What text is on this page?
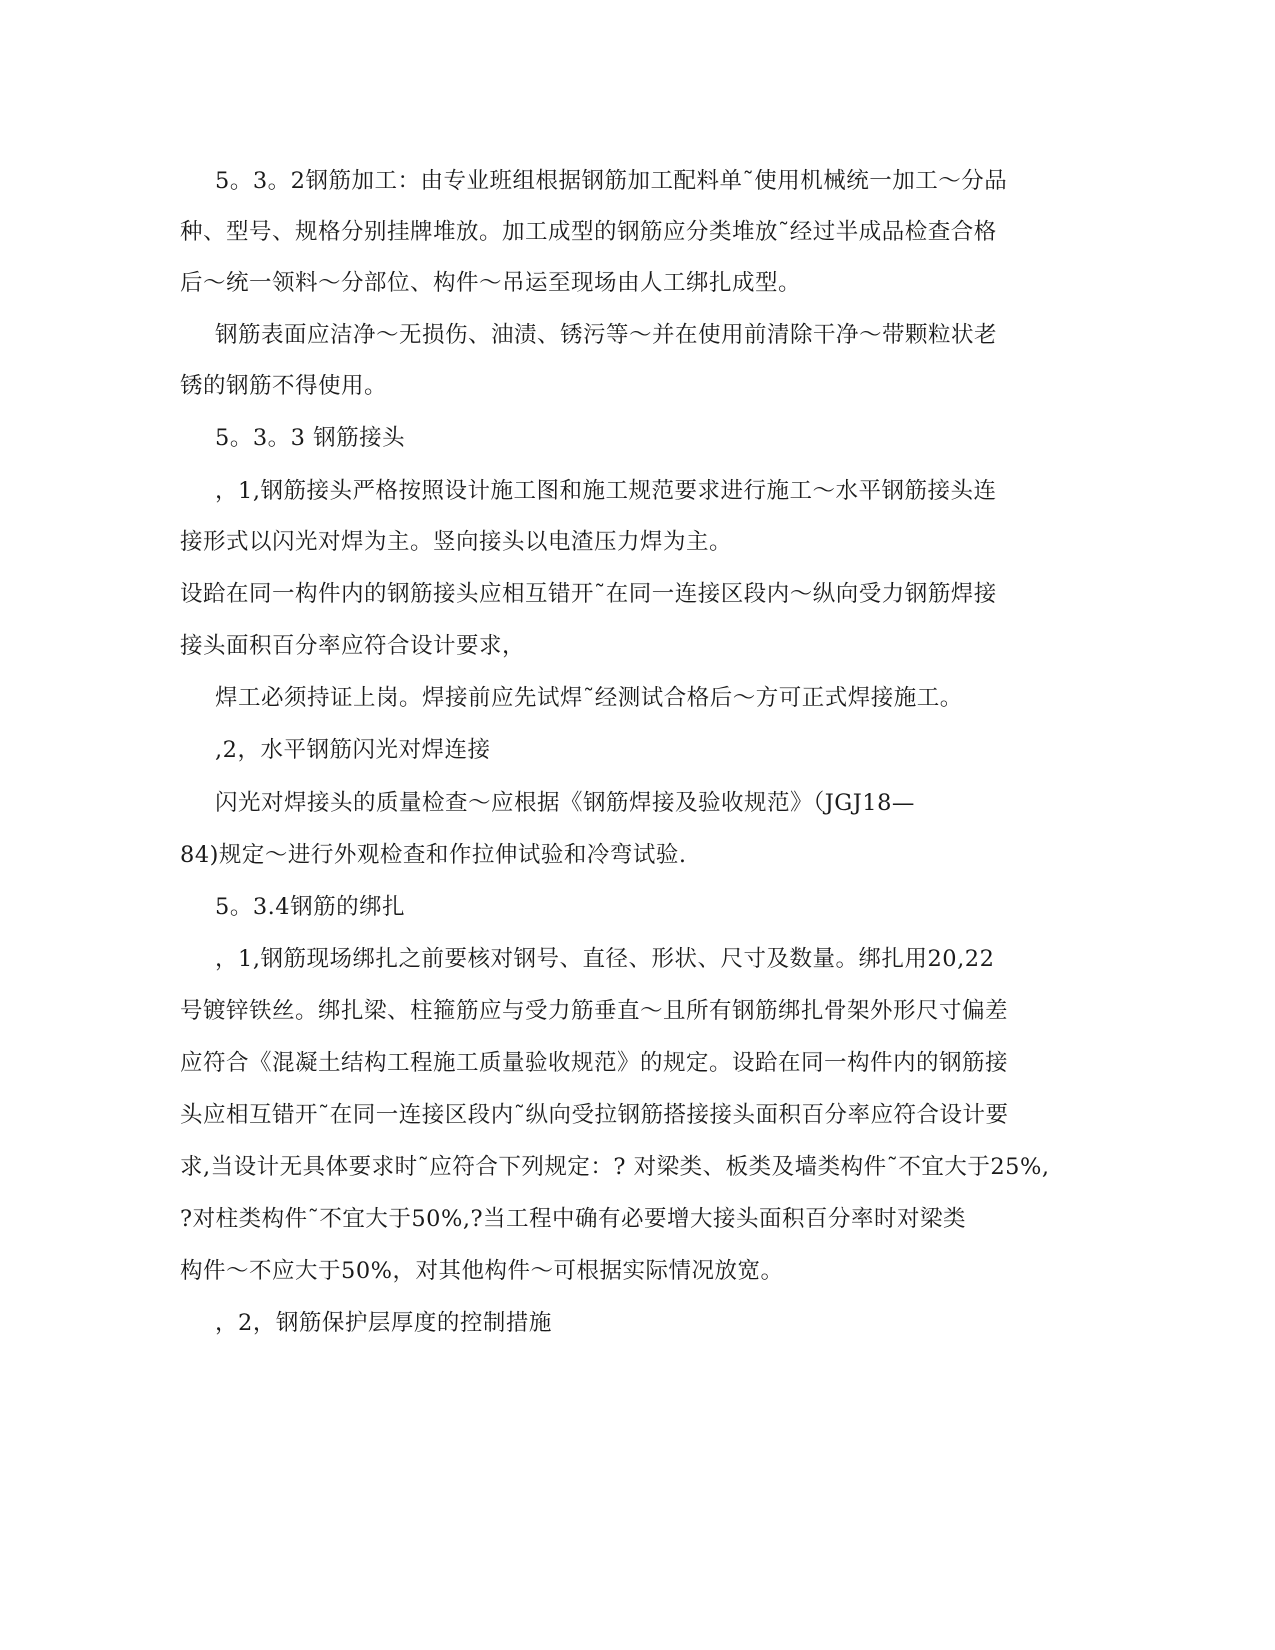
5。3。2钢筋加工：由专业班组根据钢筋加工配料单˜使用机械统一加工～分品
种、型号、规格分别挂牌堆放。加工成型的钢筋应分类堆放˜经过半成品检查合格
后～统一领料～分部位、构件～吊运至现场由人工绑扎成型。
钢筋表面应洁净～无损伤、油渍、锈污等～并在使用前清除干净～带颗粒状老
锈的钢筋不得使用。
5。3。3 钢筋接头
，1,钢筋接头严格按照设计施工图和施工规范要求进行施工～水平钢筋接头连
接形式以闪光对焊为主。竖向接头以电渣压力焊为主。
设跲在同一构件内的钢筋接头应相互错开˜在同一连接区段内～纵向受力钢筋焊接
接头面积百分率应符合设计要求，
焊工必须持证上岗。焊接前应先试焊˜经测试合格后～方可正式焊接施工。
,2，水平钢筋闪光对焊连接
闪光对焊接头的质量检查～应根据《钢筋焊接及验收规范》（JGJ18—
84)规定～进行外观检查和作拉伸试验和冷弯试验.
5。3.4钢筋的绑扎
，1,钢筋现场绑扎之前要核对钢号、直径、形状、尺寸及数量。绑扎用20,22
号镀锌铁丝。绑扎梁、柱箍筋应与受力筋垂直～且所有钢筋绑扎骨架外形尺寸偏差
应符合《混凝土结构工程施工质量验收规范》的规定。设跲在同一构件内的钢筋接
头应相互错开˜在同一连接区段内˜纵向受拉钢筋搭接接头面积百分率应符合设计要
求,当设计无具体要求时˜应符合下列规定：? 对梁类、板类及墙类构件˜不宜大于25%,
?对柱类构件˜不宜大于50%,?当工程中确有必要增大接头面积百分率时对梁类
构件～不应大于50%，对其他构件～可根据实际情况放宽。
，2，钢筋保护层厚度的控制措施
